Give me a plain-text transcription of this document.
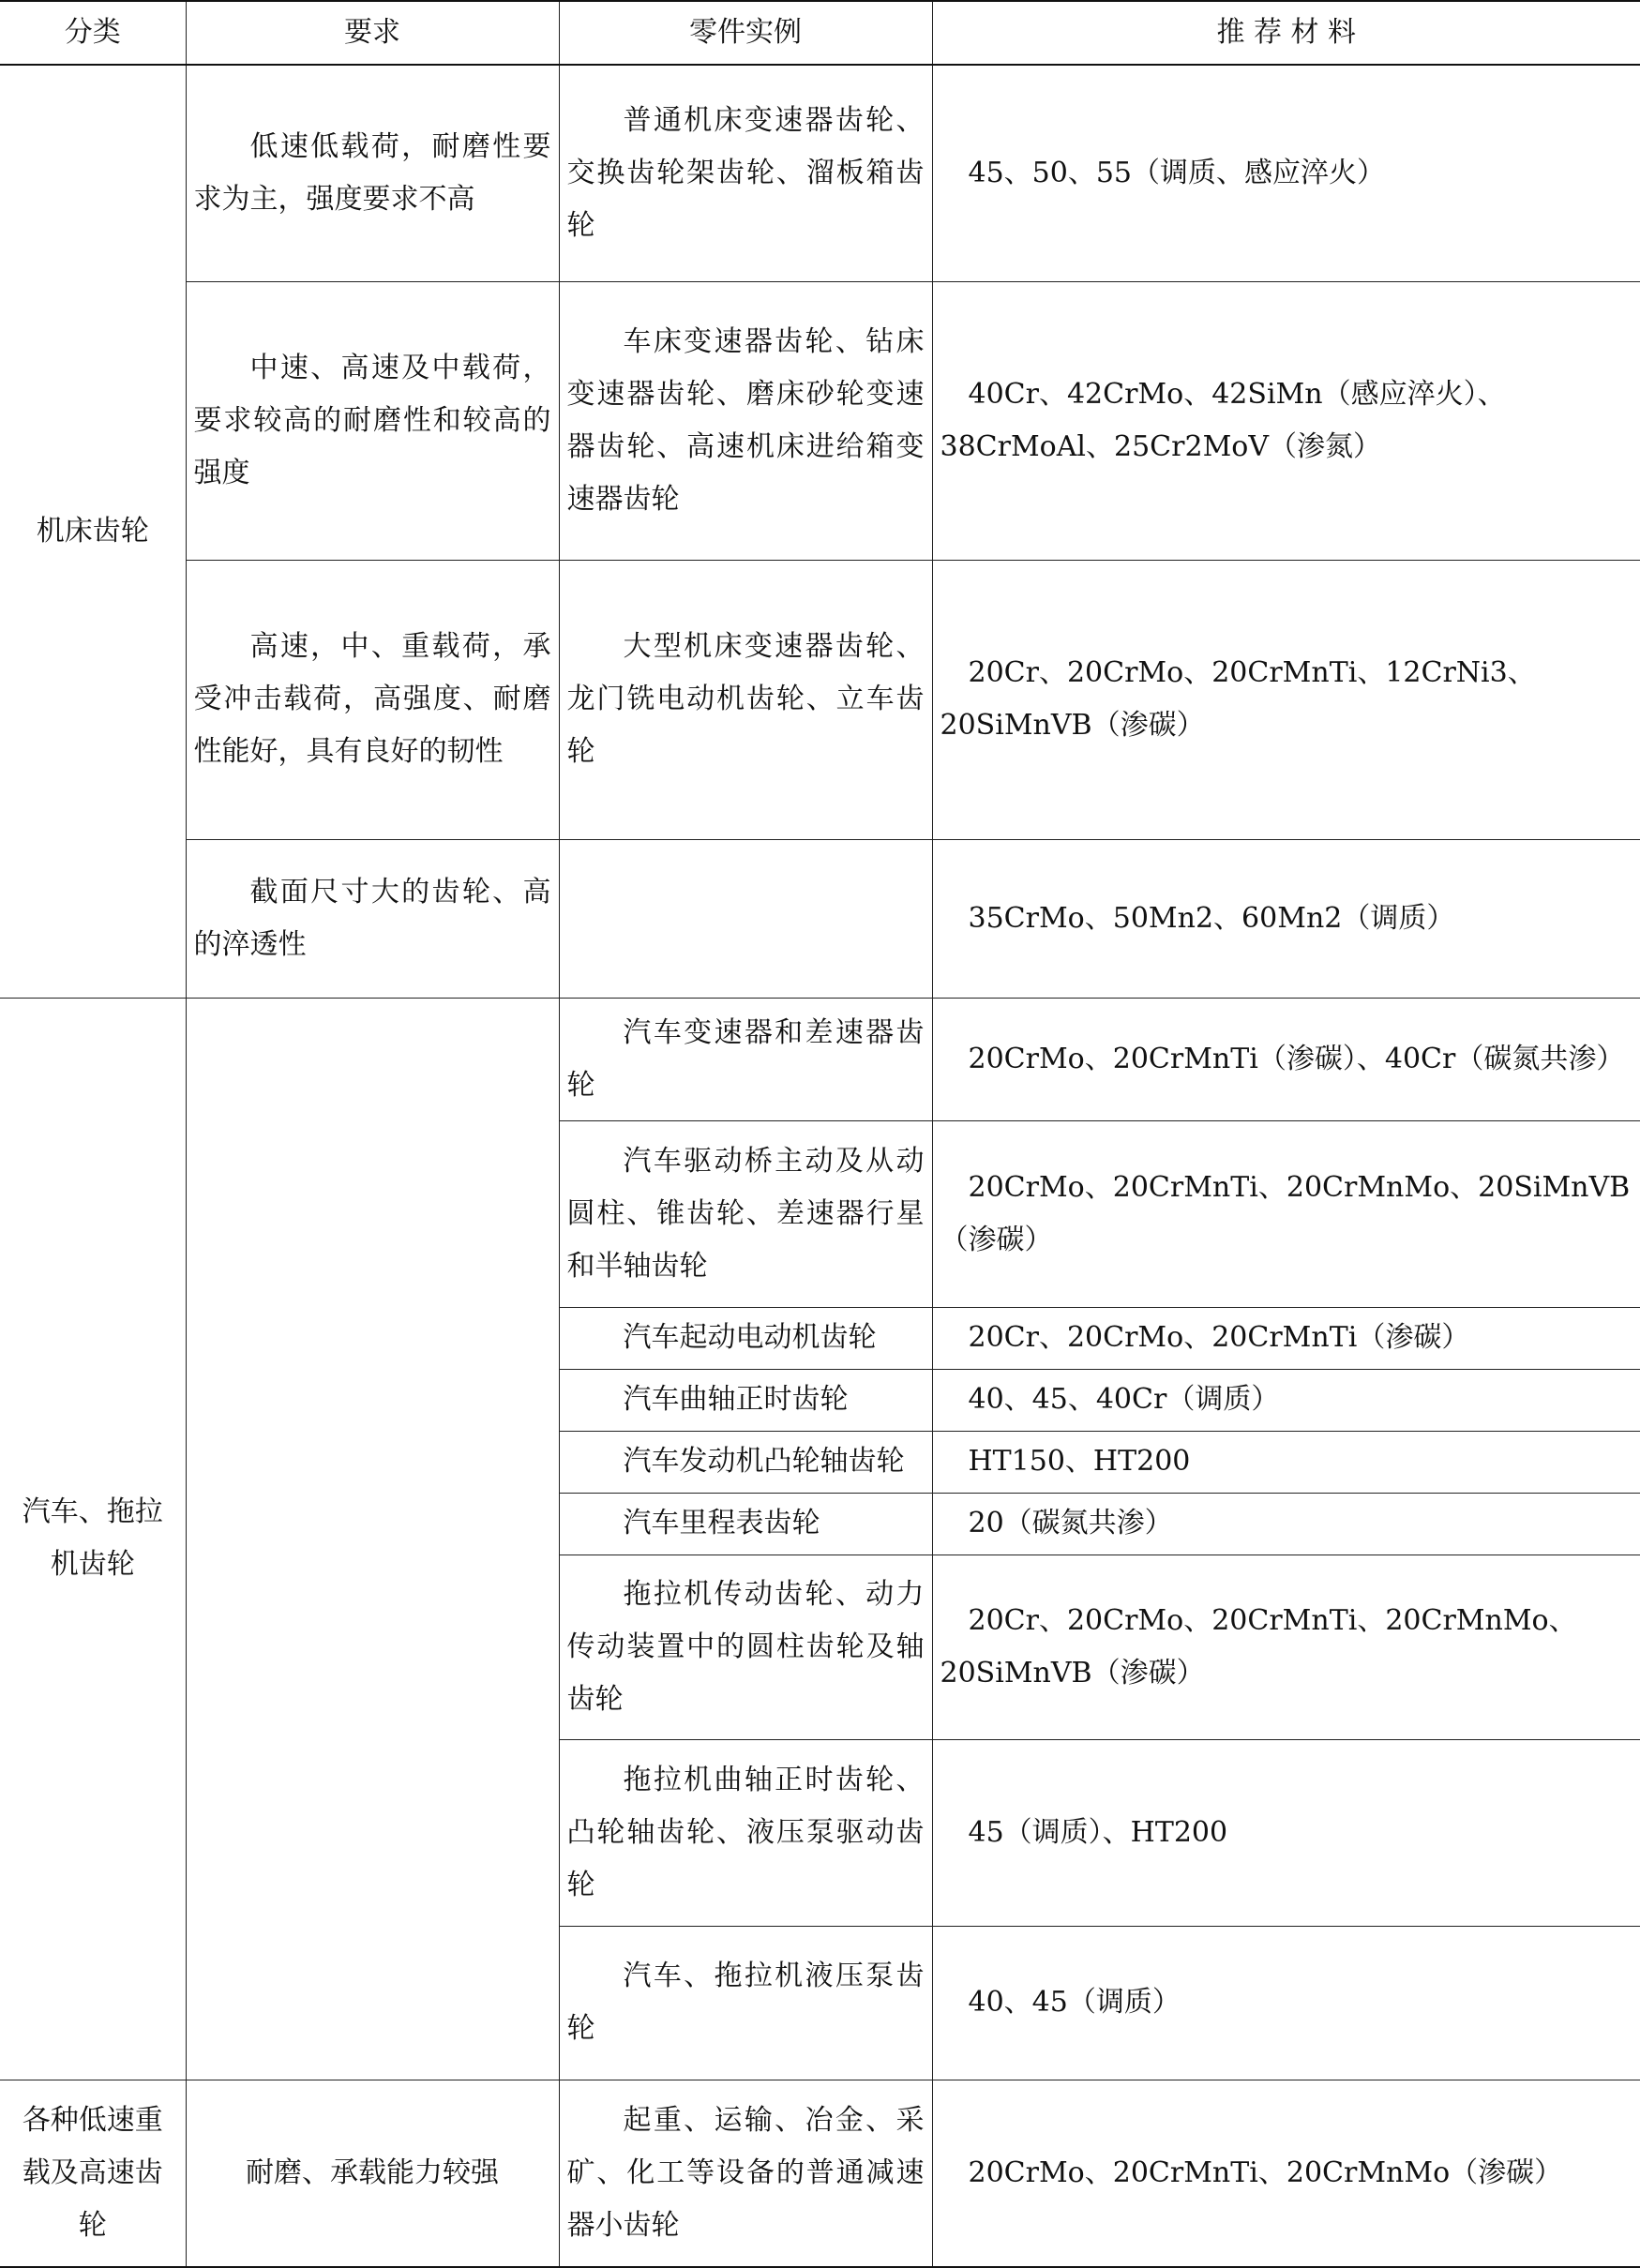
分类	要求	零件实例	推 荐 材 料
机床齿轮	低速低载荷，耐磨性要求为主，强度要求不高	普通机床变速器齿轮、交换齿轮架齿轮、溜板箱齿轮	45、50、55（调质、感应淬火）
	中速、高速及中载荷，要求较高的耐磨性和较高的强度	车床变速器齿轮、钻床变速器齿轮、磨床砂轮变速器齿轮、高速机床进给箱变速器齿轮	40Cr、42CrMo、42SiMn（感应淬火）、38CrMoAl、25Cr2MoV（渗氮）
	高速，中、重载荷，承受冲击载荷，高强度、耐磨性能好，具有良好的韧性	大型机床变速器齿轮、龙门铣电动机齿轮、立车齿轮	20Cr、20CrMo、20CrMnTi、12CrNi3、20SiMnVB（渗碳）
	截面尺寸大的齿轮、高的淬透性		35CrMo、50Mn2、60Mn2（调质）
汽车、拖拉机齿轮		汽车变速器和差速器齿轮	20CrMo、20CrMnTi（渗碳）、40Cr（碳氮共渗）
		汽车驱动桥主动及从动圆柱、锥齿轮、差速器行星和半轴齿轮	20CrMo、20CrMnTi、20CrMnMo、20SiMnVB（渗碳）
		汽车起动电动机齿轮	20Cr、20CrMo、20CrMnTi（渗碳）
		汽车曲轴正时齿轮	40、45、40Cr（调质）
		汽车发动机凸轮轴齿轮	HT150、HT200
		汽车里程表齿轮	20（碳氮共渗）
		拖拉机传动齿轮、动力传动装置中的圆柱齿轮及轴齿轮	20Cr、20CrMo、20CrMnTi、20CrMnMo、20SiMnVB（渗碳）
		拖拉机曲轴正时齿轮、凸轮轴齿轮、液压泵驱动齿轮	45（调质）、HT200
		汽车、拖拉机液压泵齿轮	40、45（调质）
各种低速重载及高速齿轮	耐磨、承载能力较强	起重、运输、冶金、采矿、化工等设备的普通减速器小齿轮	20CrMo、20CrMnTi、20CrMnMo（渗碳）
